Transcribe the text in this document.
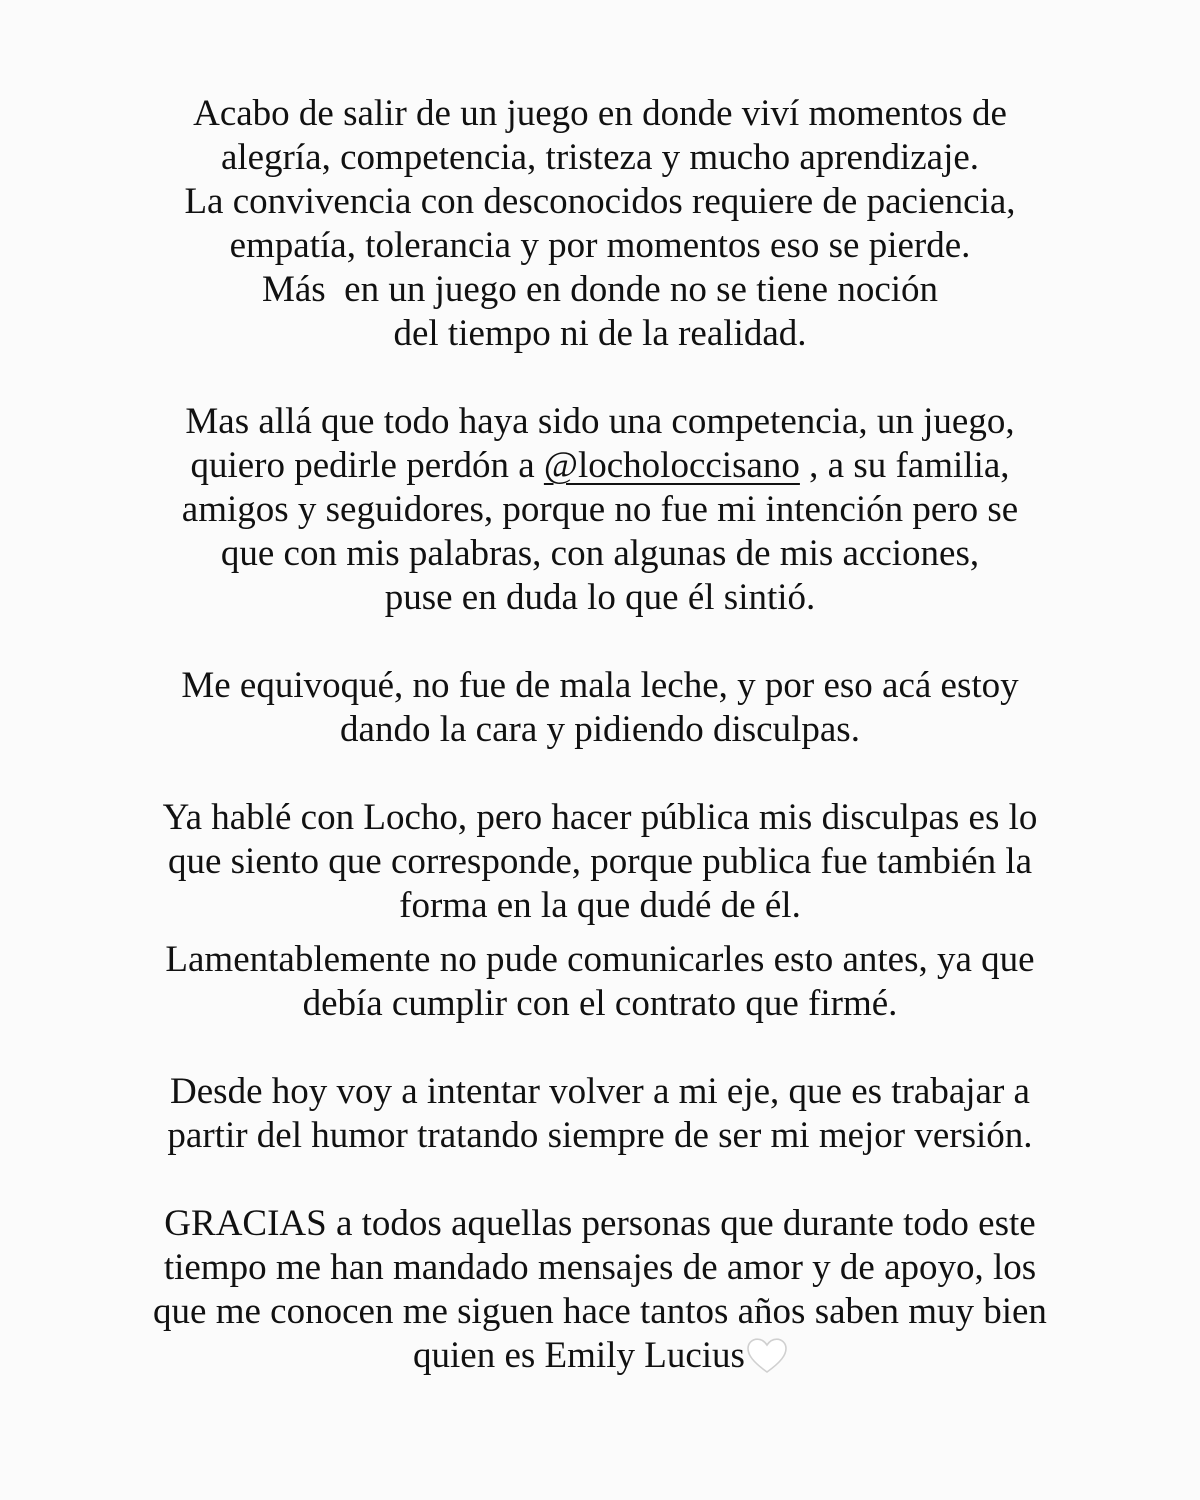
Acabo de salir de un juego en donde viví momentos de
alegría, competencia, tristeza y mucho aprendizaje.
La convivencia con desconocidos requiere de paciencia,
empatía, tolerancia y por momentos eso se pierde.
Más  en un juego en donde no se tiene noción
del tiempo ni de la realidad.
Mas allá que todo haya sido una competencia, un juego,
quiero pedirle perdón a @locholoccisano , a su familia,
amigos y seguidores, porque no fue mi intención pero se
que con mis palabras, con algunas de mis acciones,
puse en duda lo que él sintió.
Me equivoqué, no fue de mala leche, y por eso acá estoy
dando la cara y pidiendo disculpas.
Ya hablé con Locho, pero hacer pública mis disculpas es lo
que siento que corresponde, porque publica fue también la
forma en la que dudé de él.
Lamentablemente no pude comunicarles esto antes, ya que
debía cumplir con el contrato que firmé.
Desde hoy voy a intentar volver a mi eje, que es trabajar a
partir del humor tratando siempre de ser mi mejor versión.
GRACIAS a todos aquellas personas que durante todo este
tiempo me han mandado mensajes de amor y de apoyo, los
que me conocen me siguen hace tantos años saben muy bien
quien es Emily Lucius
